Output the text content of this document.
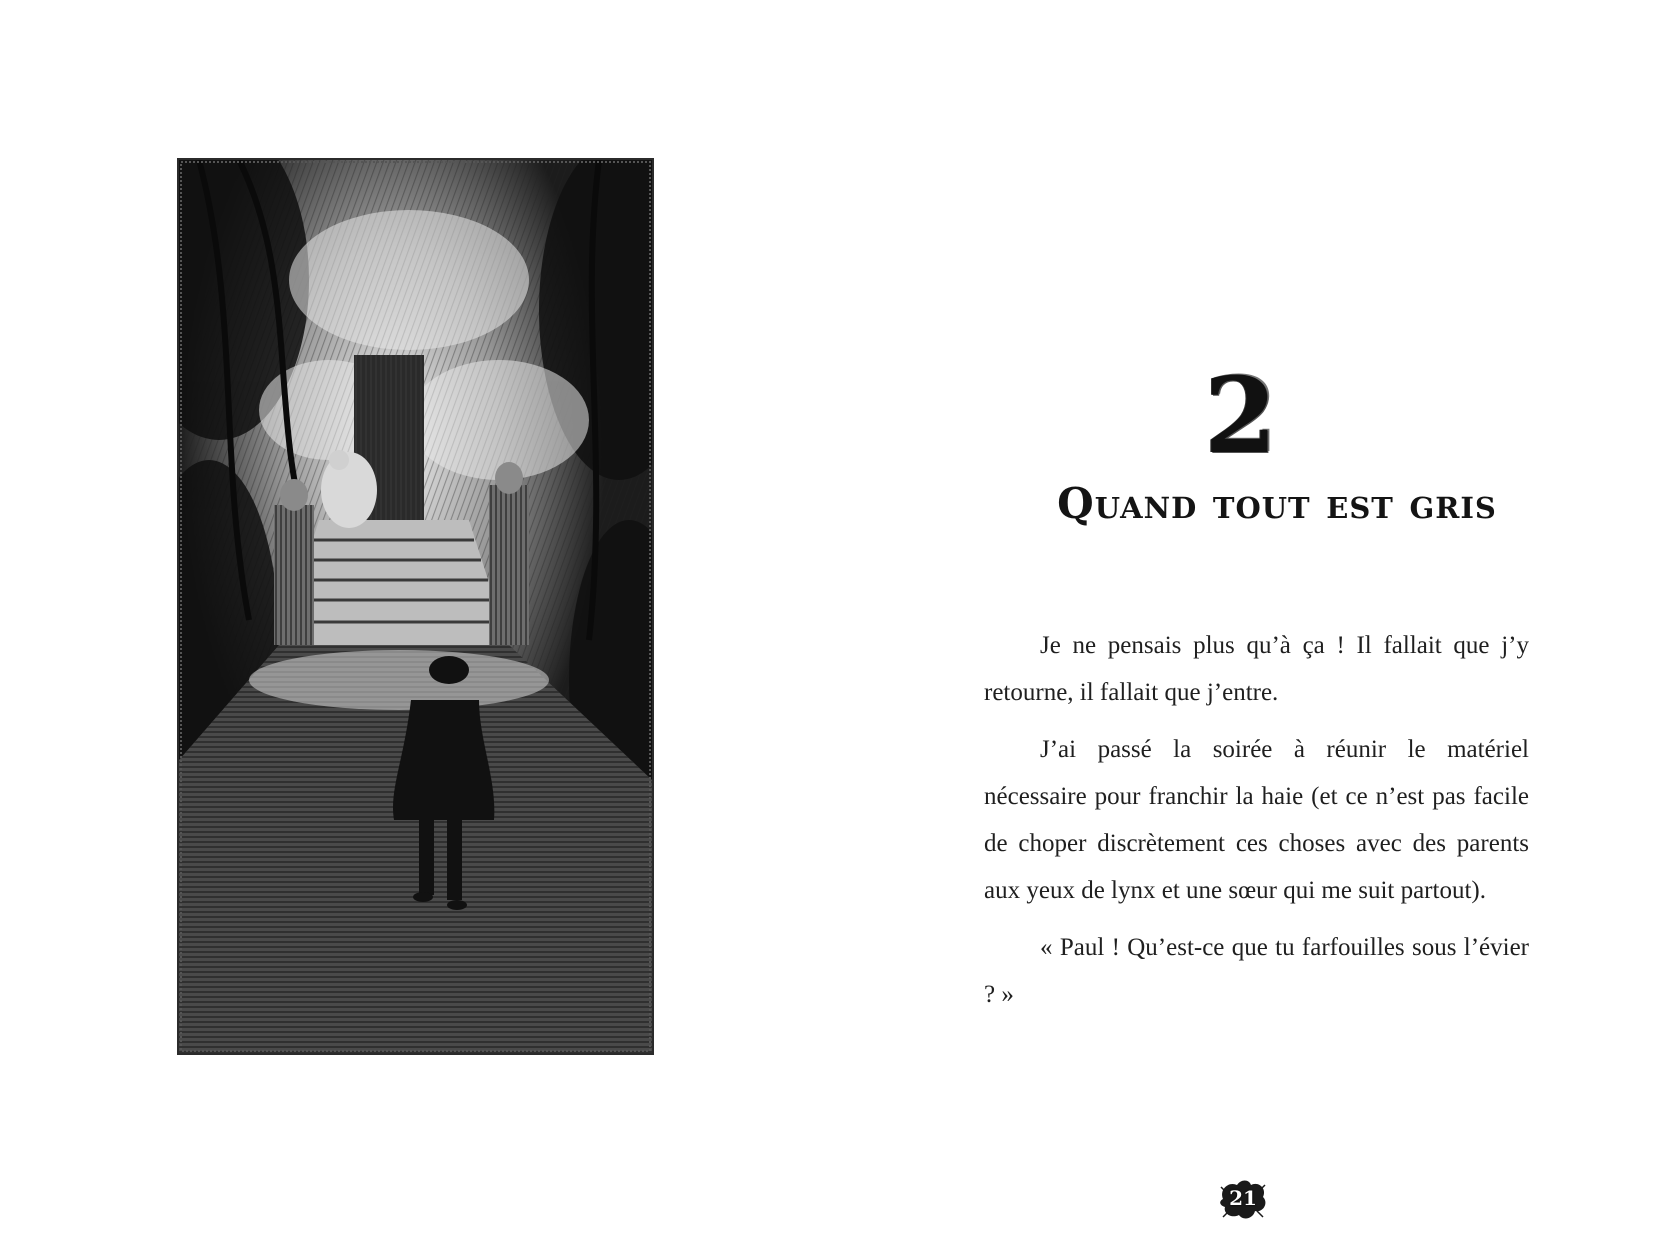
2
Quand tout est gris

Je ne pensais plus qu’à ça ! Il fallait que j’y retourne, il fallait que j’entre.

J’ai passé la soirée à réunir le matériel nécessaire pour franchir la haie (et ce n’est pas facile de choper discrètement ces choses avec des parents aux yeux de lynx et une sœur qui me suit partout).

« Paul ! Qu’est-ce que tu farfouilles sous l’évier ? »

21
